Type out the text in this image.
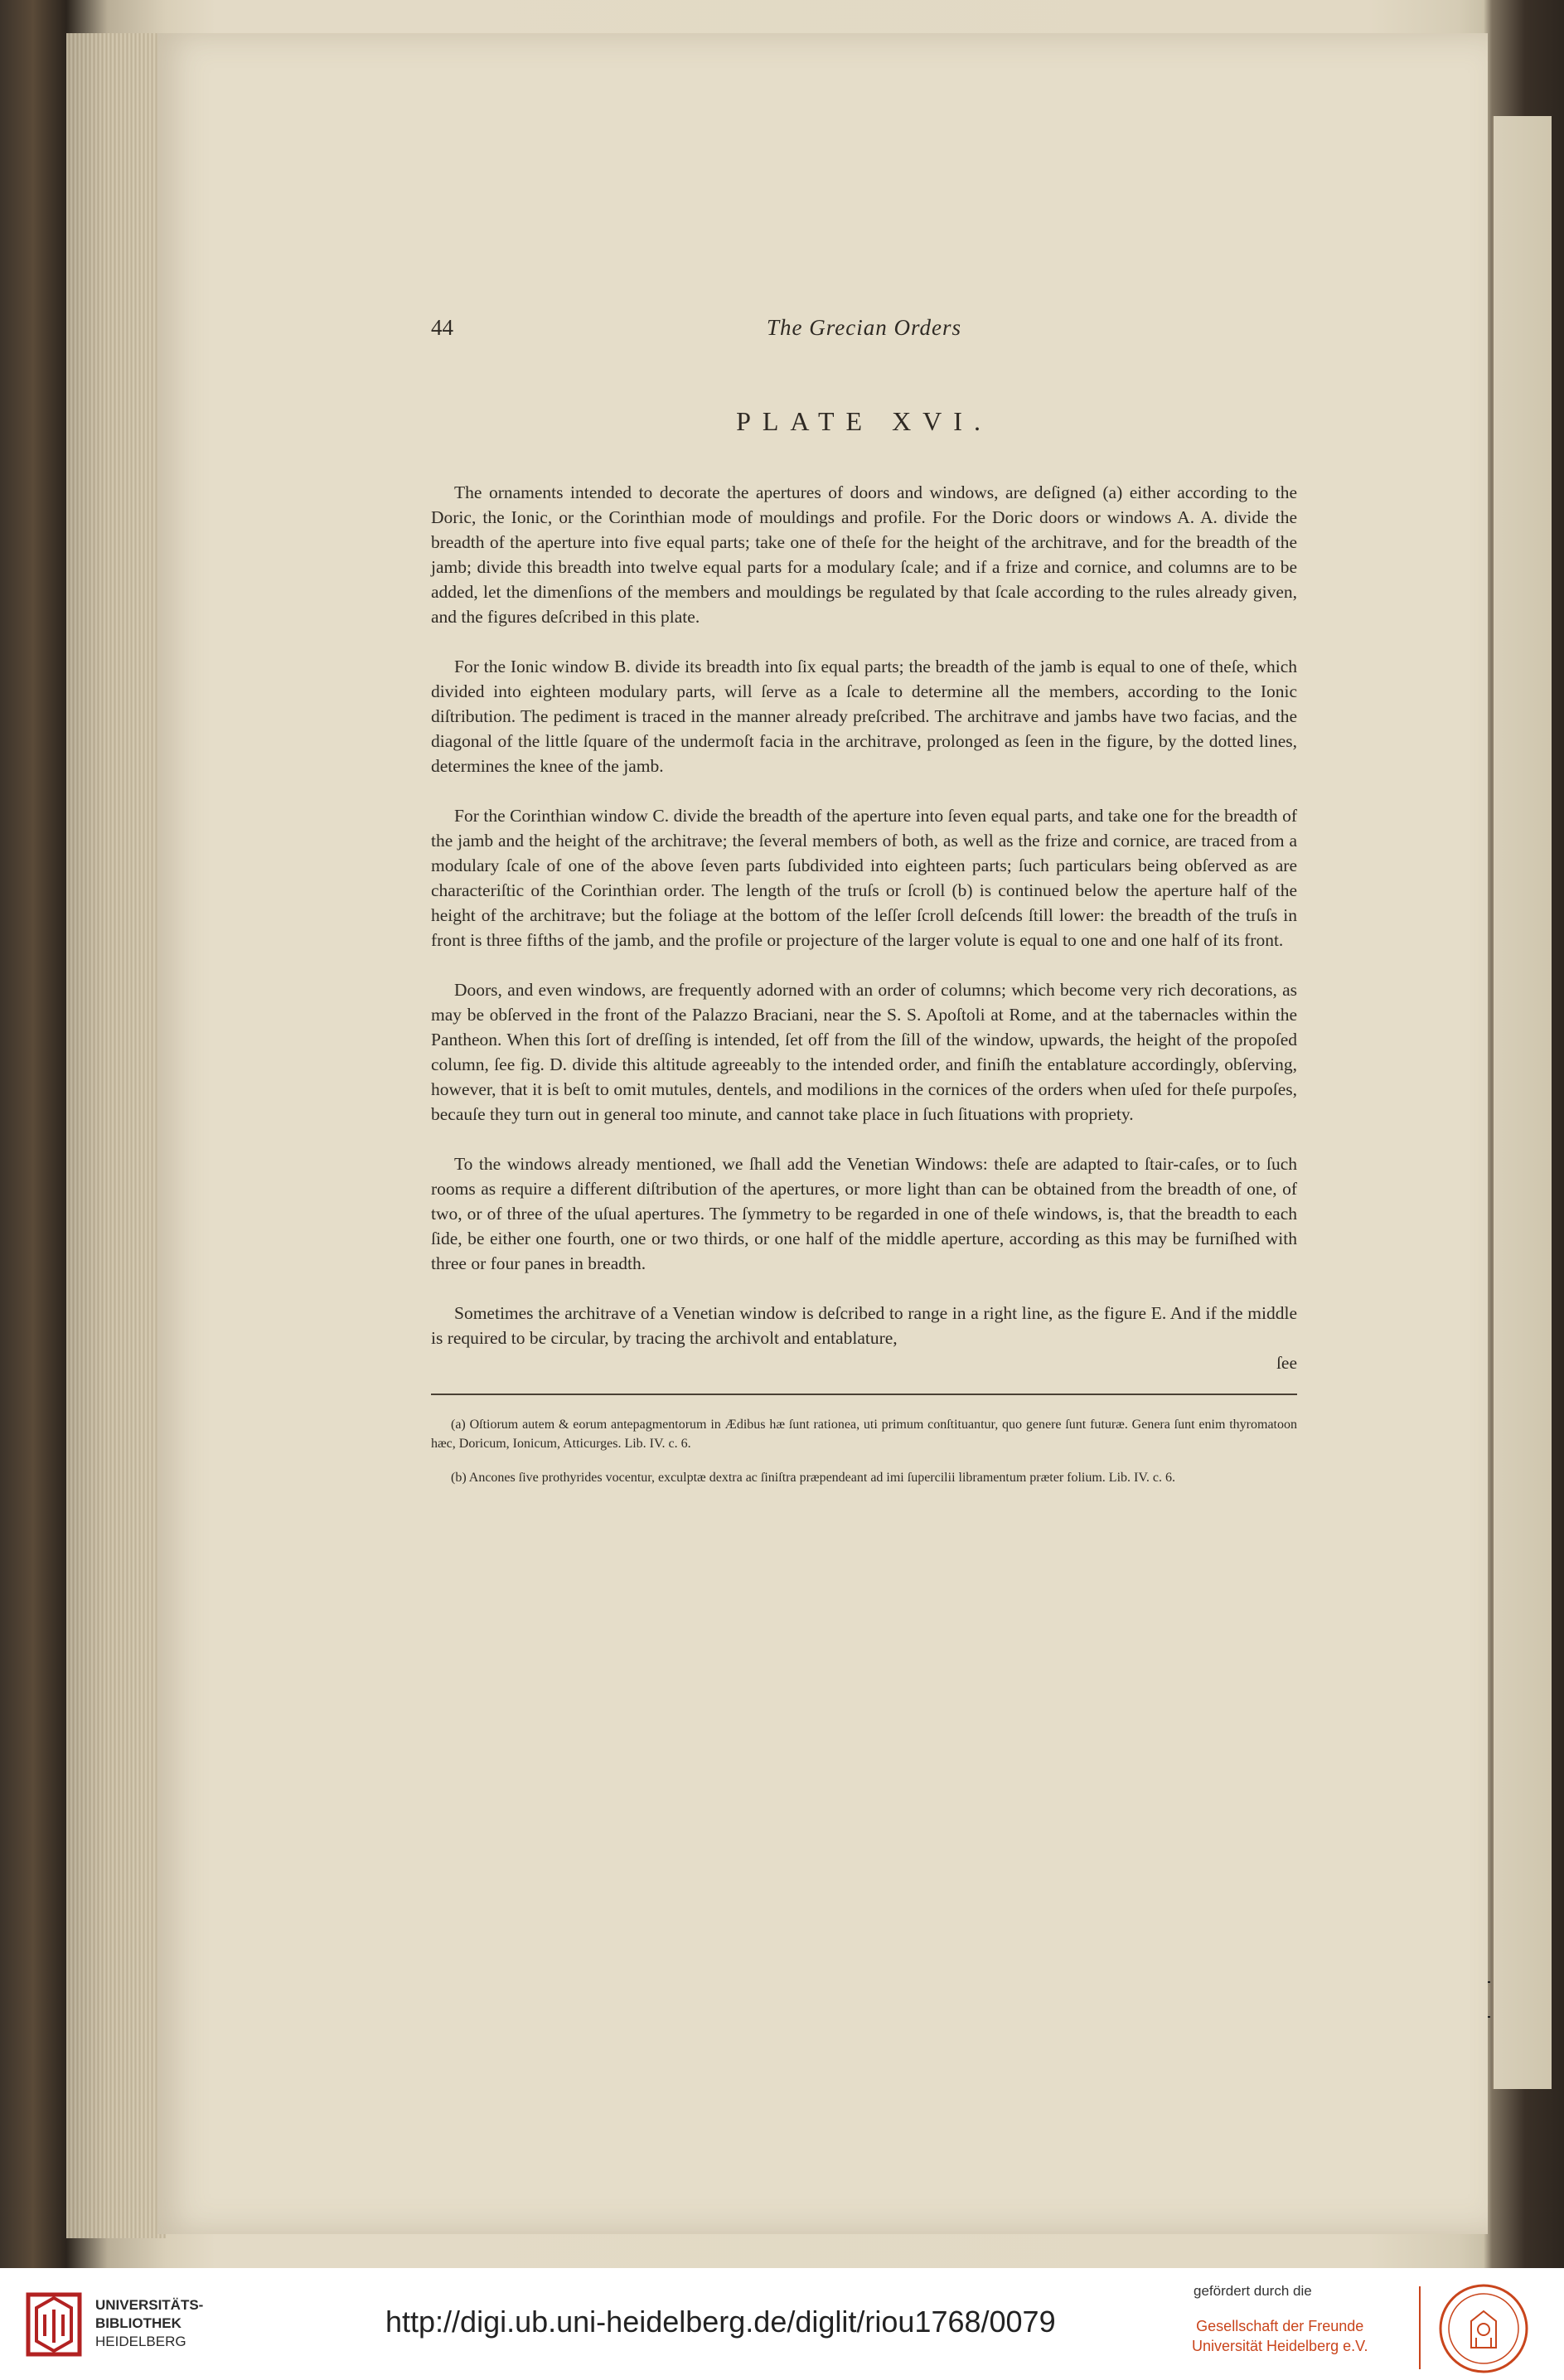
44	The Grecian Orders
PLATE XVI.

The ornaments intended to decorate the apertures of doors and windows, are deſigned (a) either according to the Doric, the Ionic, or the Corinthian mode of mouldings and profile. For the Doric doors or windows A. A. divide the breadth of the aperture into five equal parts; take one of theſe for the height of the architrave, and for the breadth of the jamb; divide this breadth into twelve equal parts for a modulary ſcale; and if a frize and cornice, and columns are to be added, let the dimenſions of the members and mouldings be regulated by that ſcale according to the rules already given, and the figures deſcribed in this plate.

For the Ionic window B. divide its breadth into ſix equal parts; the breadth of the jamb is equal to one of theſe, which divided into eighteen modulary parts, will ſerve as a ſcale to determine all the members, according to the Ionic diſtribution. The pediment is traced in the manner already preſcribed. The architrave and jambs have two facias, and the diagonal of the little ſquare of the undermoſt facia in the architrave, prolonged as ſeen in the figure, by the dotted lines, determines the knee of the jamb.

For the Corinthian window C. divide the breadth of the aperture into ſeven equal parts, and take one for the breadth of the jamb and the height of the architrave; the ſeveral members of both, as well as the frize and cornice, are traced from a modulary ſcale of one of the above ſeven parts ſubdivided into eighteen parts; ſuch particulars being obſerved as are characteriſtic of the Corinthian order. The length of the truſs or ſcroll (b) is continued below the aperture half of the height of the architrave; but the foliage at the bottom of the leſſer ſcroll deſcends ſtill lower: the breadth of the truſs in front is three fifths of the jamb, and the profile or projecture of the larger volute is equal to one and one half of its front.

Doors, and even windows, are frequently adorned with an order of columns; which become very rich decorations, as may be obſerved in the front of the Palazzo Braciani, near the S. S. Apoſtoli at Rome, and at the tabernacles within the Pantheon. When this ſort of dreſſing is intended, ſet off from the ſill of the window, upwards, the height of the propoſed column, ſee fig. D. divide this altitude agreeably to the intended order, and finiſh the entablature accordingly, obſerving, however, that it is beſt to omit mutules, dentels, and modilions in the cornices of the orders when uſed for theſe purpoſes, becauſe they turn out in general too minute, and cannot take place in ſuch ſituations with propriety.

To the windows already mentioned, we ſhall add the Venetian Windows: theſe are adapted to ſtair-caſes, or to ſuch rooms as require a different diſtribution of the apertures, or more light than can be obtained from the breadth of one, of two, or of three of the uſual apertures. The ſymmetry to be regarded in one of theſe windows, is, that the breadth to each ſide, be either one fourth, one or two thirds, or one half of the middle aperture, according as this may be furniſhed with three or four panes in breadth.

Sometimes the architrave of a Venetian window is deſcribed to range in a right line, as the figure E. And if the middle is required to be circular, by tracing the archivolt and entablature,

ſee

(a) Oſtiorum autem & eorum antepagmentorum in Ædibus hæ ſunt rationea, uti primum conſtituantur, quo genere ſunt futuræ. Genera ſunt enim thyromatoon hæc, Doricum, Ionicum, Atticurges. Lib. IV. c. 6.

(b) Ancones ſive prothyrides vocentur, exculptæ dextra ac ſiniſtra præpendeant ad imi ſupercilii libramentum præter folium. Lib. IV. c. 6.

UNIVERSITÄTS-
BIBLIOTHEK
HEIDELBERG
http://digi.ub.uni-heidelberg.de/diglit/riou1768/0079
gefördert durch die
Gesellschaft der Freunde
Universität Heidelberg e.V.
